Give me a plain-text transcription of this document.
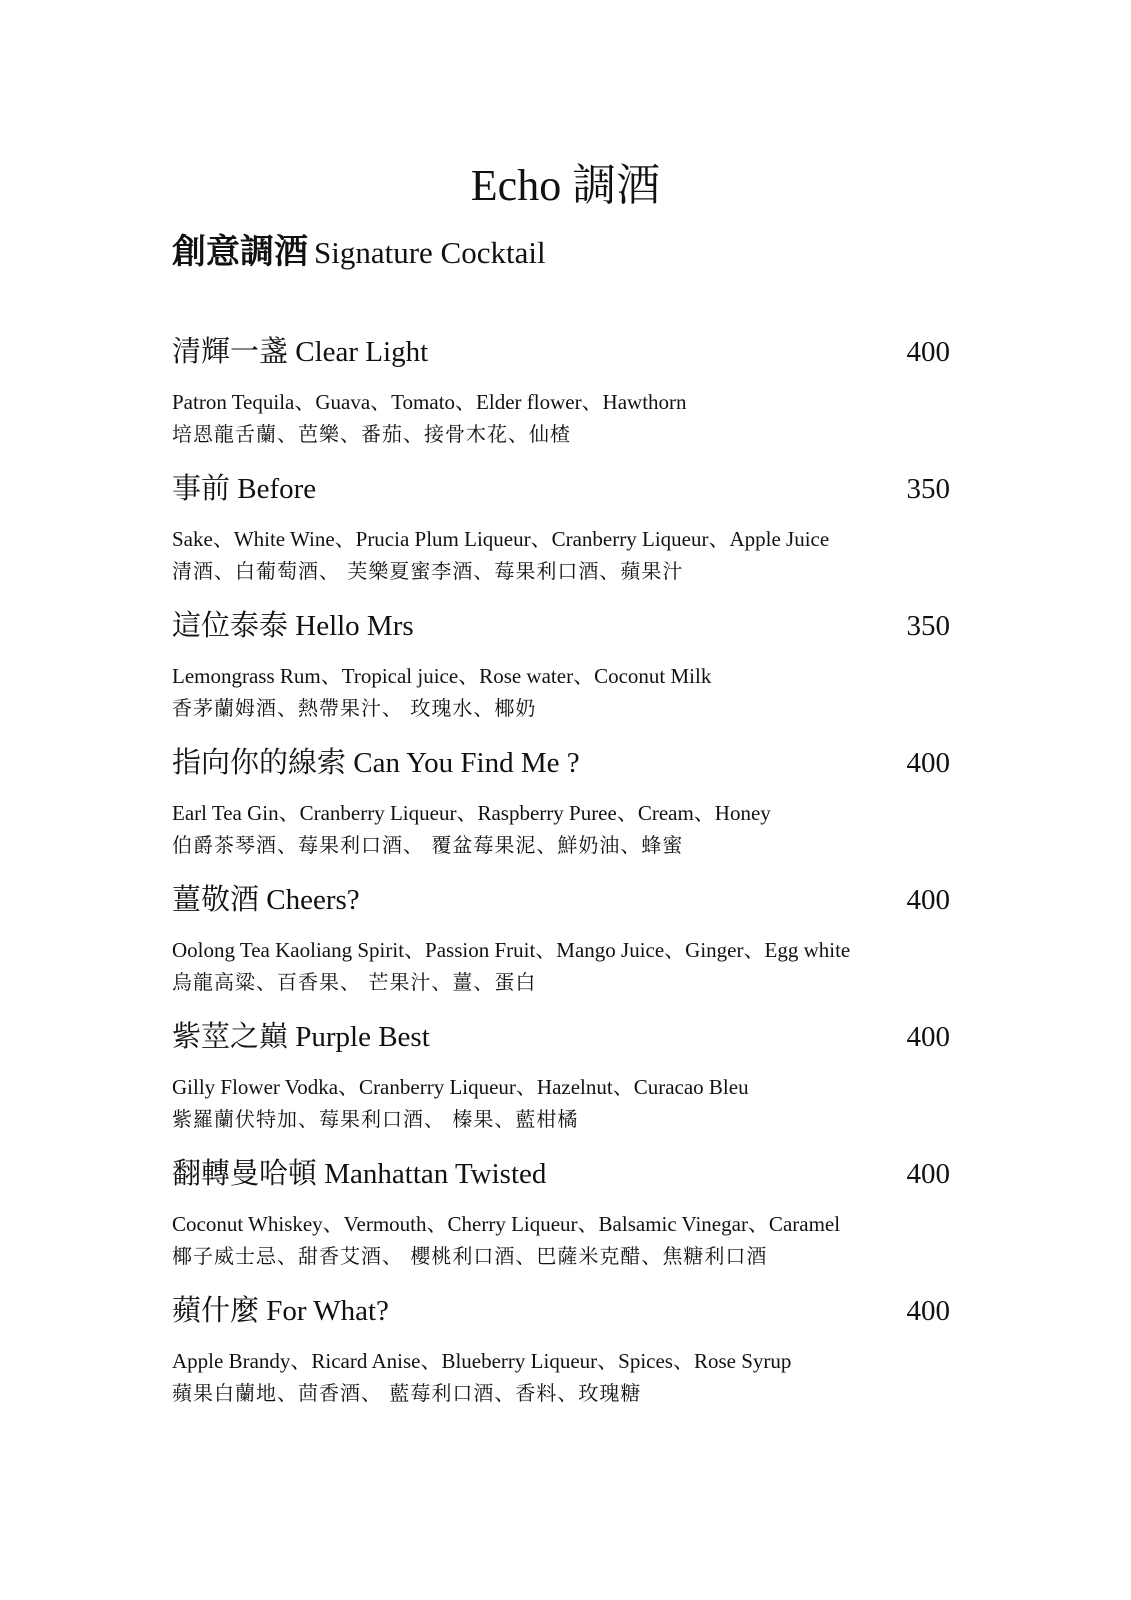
Echo 調酒
創意調酒 Signature Cocktail
清輝一盞 Clear Light	400
Patron Tequila、Guava、Tomato、Elder flower、Hawthorn
培恩龍舌蘭、芭樂、番茄、接骨木花、仙楂
事前 Before	350
Sake、White Wine、Prucia Plum Liqueur、Cranberry Liqueur、Apple Juice
清酒、白葡萄酒、 芙樂夏蜜李酒、莓果利口酒、蘋果汁
這位泰泰 Hello Mrs	350
Lemongrass Rum、Tropical juice、Rose water、Coconut Milk
香茅蘭姆酒、熱帶果汁、 玫瑰水、椰奶
指向你的線索 Can You Find Me ?	400
Earl Tea Gin、Cranberry Liqueur、Raspberry Puree、Cream、Honey
伯爵茶琴酒、莓果利口酒、 覆盆莓果泥、鮮奶油、蜂蜜
薑敬酒 Cheers?	400
Oolong Tea Kaoliang Spirit、Passion Fruit、Mango Juice、Ginger、Egg white
烏龍高粱、百香果、 芒果汁、薑、蛋白
紫莖之巔 Purple Best	400
Gilly Flower Vodka、Cranberry Liqueur、Hazelnut、Curacao Bleu
紫羅蘭伏特加、莓果利口酒、 榛果、藍柑橘
翻轉曼哈頓 Manhattan Twisted	400
Coconut Whiskey、Vermouth、Cherry Liqueur、Balsamic Vinegar、Caramel
椰子威士忌、甜香艾酒、 櫻桃利口酒、巴薩米克醋、焦糖利口酒
蘋什麼 For What?	400
Apple Brandy、Ricard Anise、Blueberry Liqueur、Spices、Rose Syrup
蘋果白蘭地、茴香酒、 藍莓利口酒、香料、玫瑰糖
